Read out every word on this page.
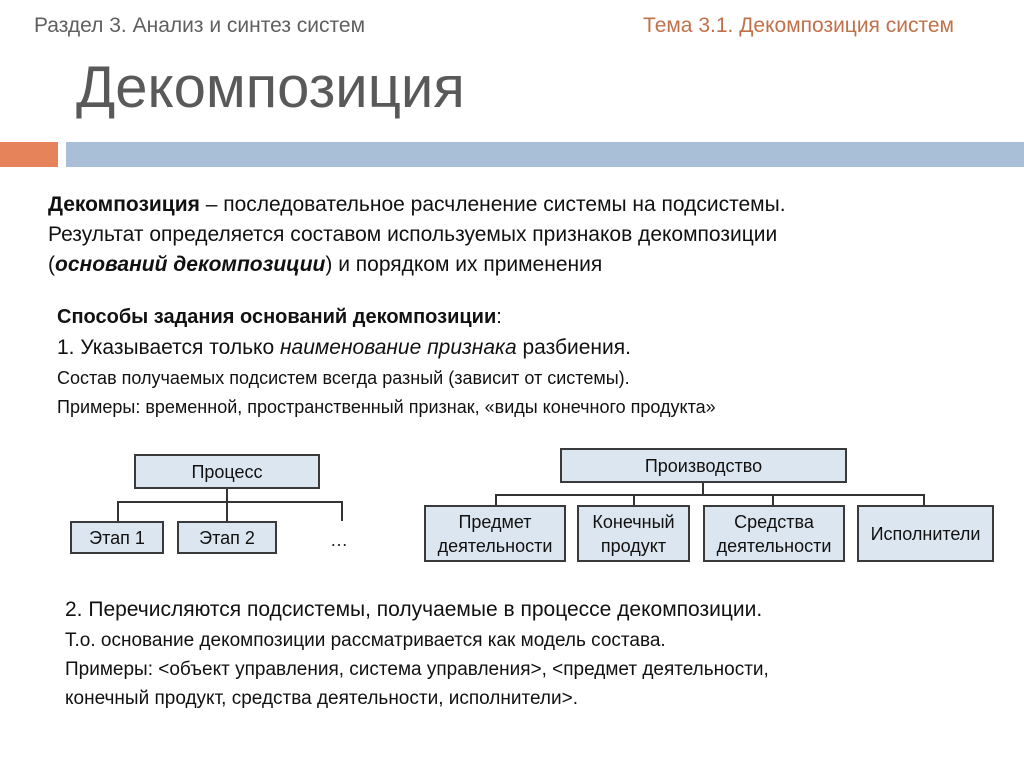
Раздел 3. Анализ и синтез систем	Тема 3.1. Декомпозиция систем
Декомпозиция

Декомпозиция – последовательное расчленение системы на подсистемы.

Результат определяется составом используемых признаков декомпозиции

(оснований декомпозиции) и порядком их применения

Способы задания оснований декомпозиции:
1. Указывается только наименование признака разбиения.
Состав получаемых подсистем всегда разный (зависит от системы).
Примеры: временной, пространственный признак, «виды конечного продукта»
Процесс
Этап 1	Этап 2	…
Производство
Предмет деятельности
Конечный продукт
Средства деятельности
Исполнители
2. Перечисляются подсистемы, получаемые в процессе декомпозиции.
Т.о. основание декомпозиции рассматривается как модель состава.
Примеры: <объект управления, система управления>, <предмет деятельности,
конечный продукт, средства деятельности, исполнители>.
